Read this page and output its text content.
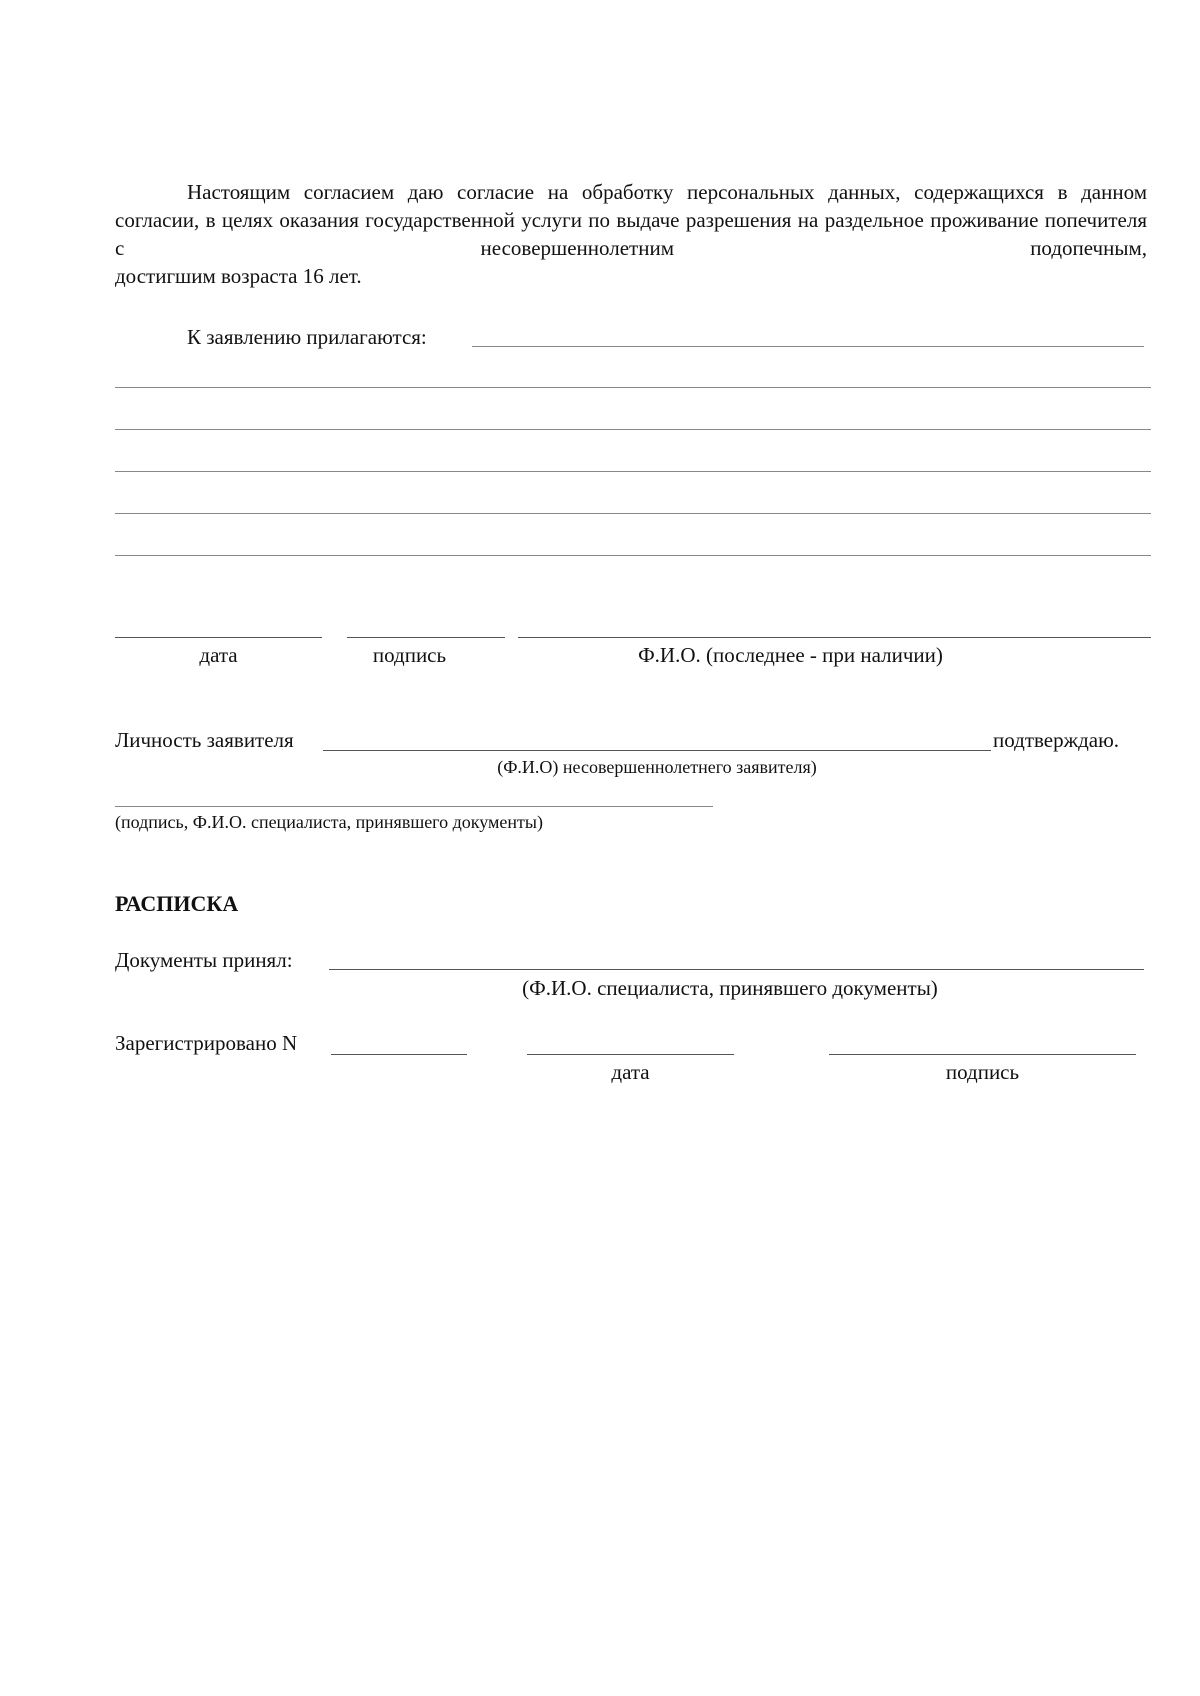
Настоящим согласием даю согласие на обработку персональных данных, содержащихся в данном согласии, в целях оказания государственной услуги по выдаче разрешения на раздельное проживание попечителя с несовершеннолетним подопечным,

достигшим возраста 16 лет.
К заявлению прилагаются:
дата	подпись	Ф.И.О. (последнее - при наличии)
Личность заявителя	подтверждаю.
(Ф.И.О) несовершеннолетнего заявителя)
(подпись, Ф.И.О. специалиста, принявшего документы)
РАСПИСКА
Документы принял:
(Ф.И.О. специалиста, принявшего документы)
Зарегистрировано N
дата	подпись
